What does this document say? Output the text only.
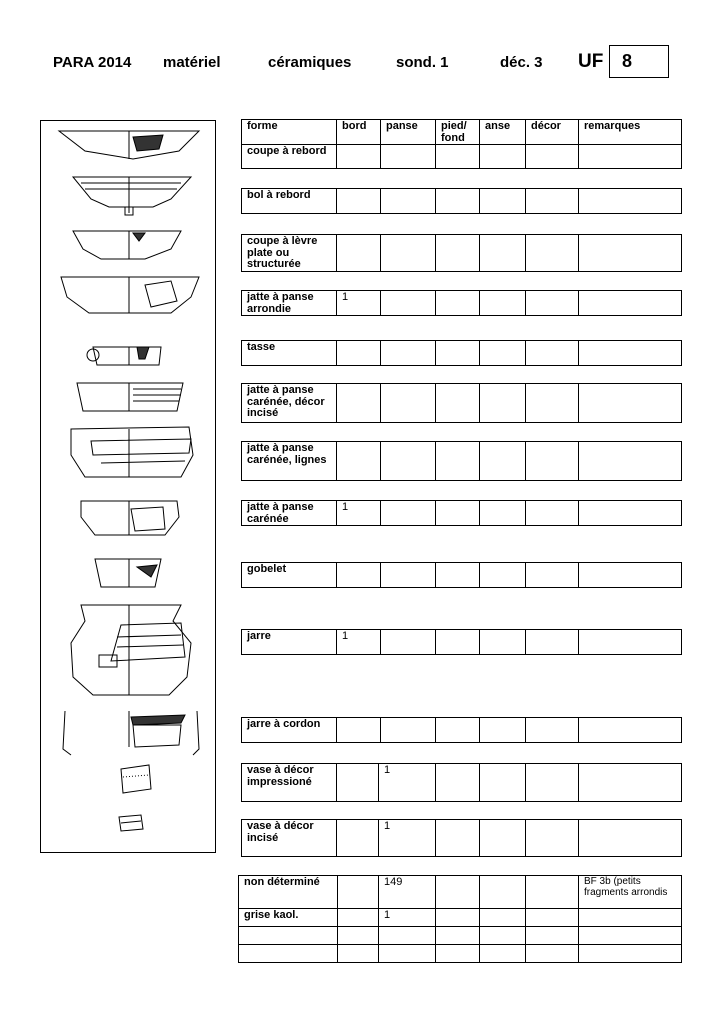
PARA 2014 matériel	céramiques	sond. 1	déc. 3 UF	8
forme	bord	panse	pied/ fond	anse	décor	remarques
coupe à rebord						
bol à rebord						
coupe à lèvre plate ou structurée						
jatte à panse arrondie	1					
tasse						
jatte à panse carénée, décor incisé						
jatte à panse carénée, lignes						
jatte à panse carénée	1					
gobelet						
jarre	1					
jarre à cordon						
vase à décor impressioné		1				
vase à décor incisé		1				
non déterminé		149				BF 3b (petits fragments arrondis
grise kaol.		1				
